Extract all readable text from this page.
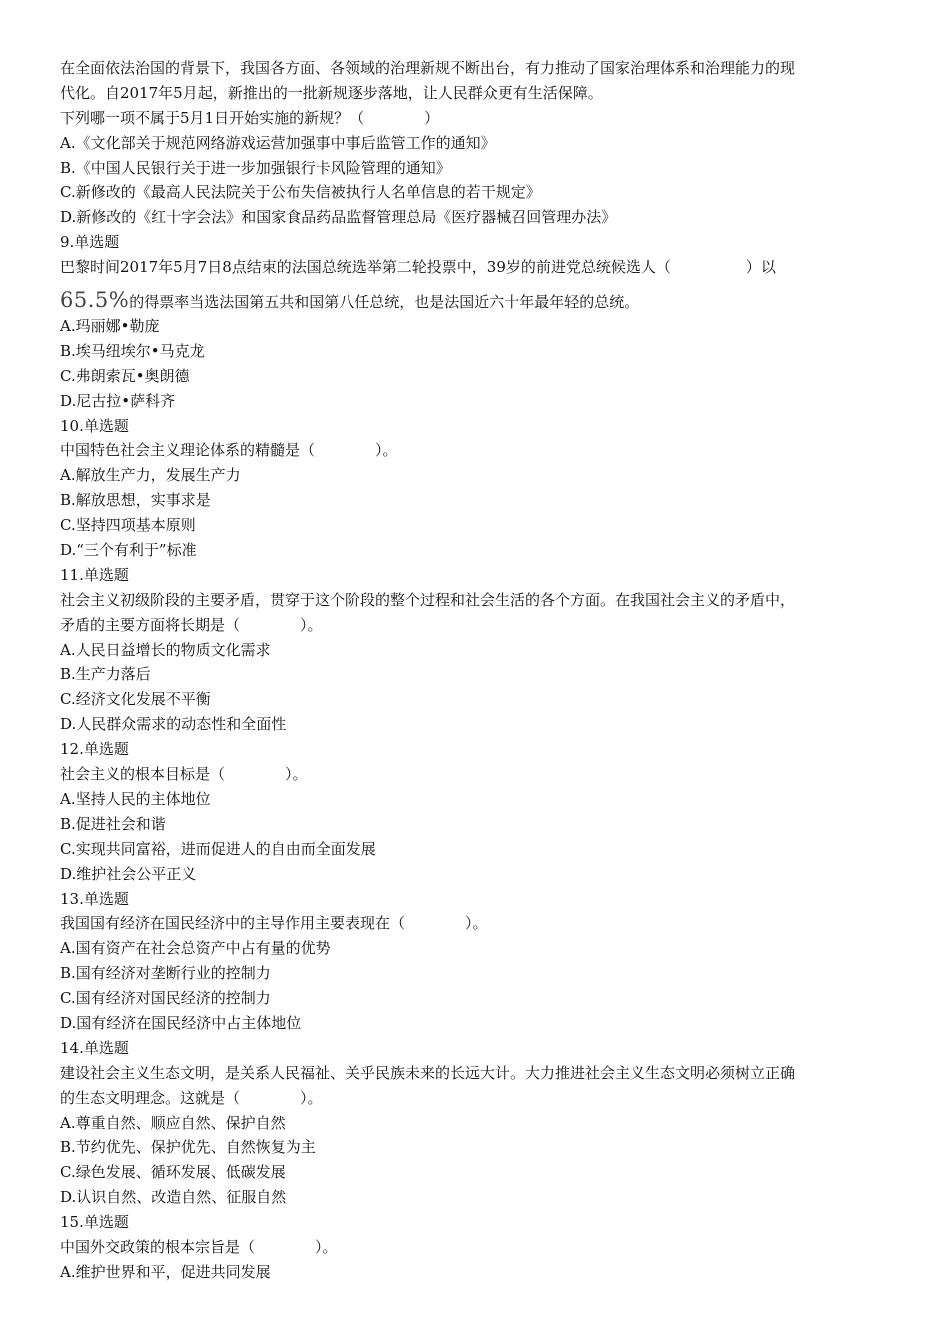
在全面依法治国的背景下，我国各方面、各领域的治理新规不断出台，有力推动了国家治理体系和治理能力的现
代化。自2017年5月起，新推出的一批新规逐步落地，让人民群众更有生活保障。
下列哪一项不属于5月1日开始实施的新规？（　　　　）
A.《文化部关于规范网络游戏运营加强事中事后监管工作的通知》
B.《中国人民银行关于进一步加强银行卡风险管理的通知》
C.新修改的《最高人民法院关于公布失信被执行人名单信息的若干规定》
D.新修改的《红十字会法》和国家食品药品监督管理总局《医疗器械召回管理办法》
9.单选题
巴黎时间2017年5月7日8点结束的法国总统选举第二轮投票中，39岁的前进党总统候选人（　　　　　）以
65.5%的得票率当选法国第五共和国第八任总统，也是法国近六十年最年轻的总统。
A.玛丽娜•勒庞
B.埃马纽埃尔•马克龙
C.弗朗索瓦•奥朗德
D.尼古拉•萨科齐
10.单选题
中国特色社会主义理论体系的精髓是（　　　　）。
A.解放生产力，发展生产力
B.解放思想，实事求是
C.坚持四项基本原则
D.“三个有利于”标准
11.单选题
社会主义初级阶段的主要矛盾，贯穿于这个阶段的整个过程和社会生活的各个方面。在我国社会主义的矛盾中，
矛盾的主要方面将长期是（　　　　）。
A.人民日益增长的物质文化需求
B.生产力落后
C.经济文化发展不平衡
D.人民群众需求的动态性和全面性
12.单选题
社会主义的根本目标是（　　　　）。
A.坚持人民的主体地位
B.促进社会和谐
C.实现共同富裕，进而促进人的自由而全面发展
D.维护社会公平正义
13.单选题
我国国有经济在国民经济中的主导作用主要表现在（　　　　）。
A.国有资产在社会总资产中占有量的优势
B.国有经济对垄断行业的控制力
C.国有经济对国民经济的控制力
D.国有经济在国民经济中占主体地位
14.单选题
建设社会主义生态文明，是关系人民福祉、关乎民族未来的长远大计。大力推进社会主义生态文明必须树立正确
的生态文明理念。这就是（　　　　）。
A.尊重自然、顺应自然、保护自然
B.节约优先、保护优先、自然恢复为主
C.绿色发展、循环发展、低碳发展
D.认识自然、改造自然、征服自然
15.单选题
中国外交政策的根本宗旨是（　　　　）。
A.维护世界和平，促进共同发展
